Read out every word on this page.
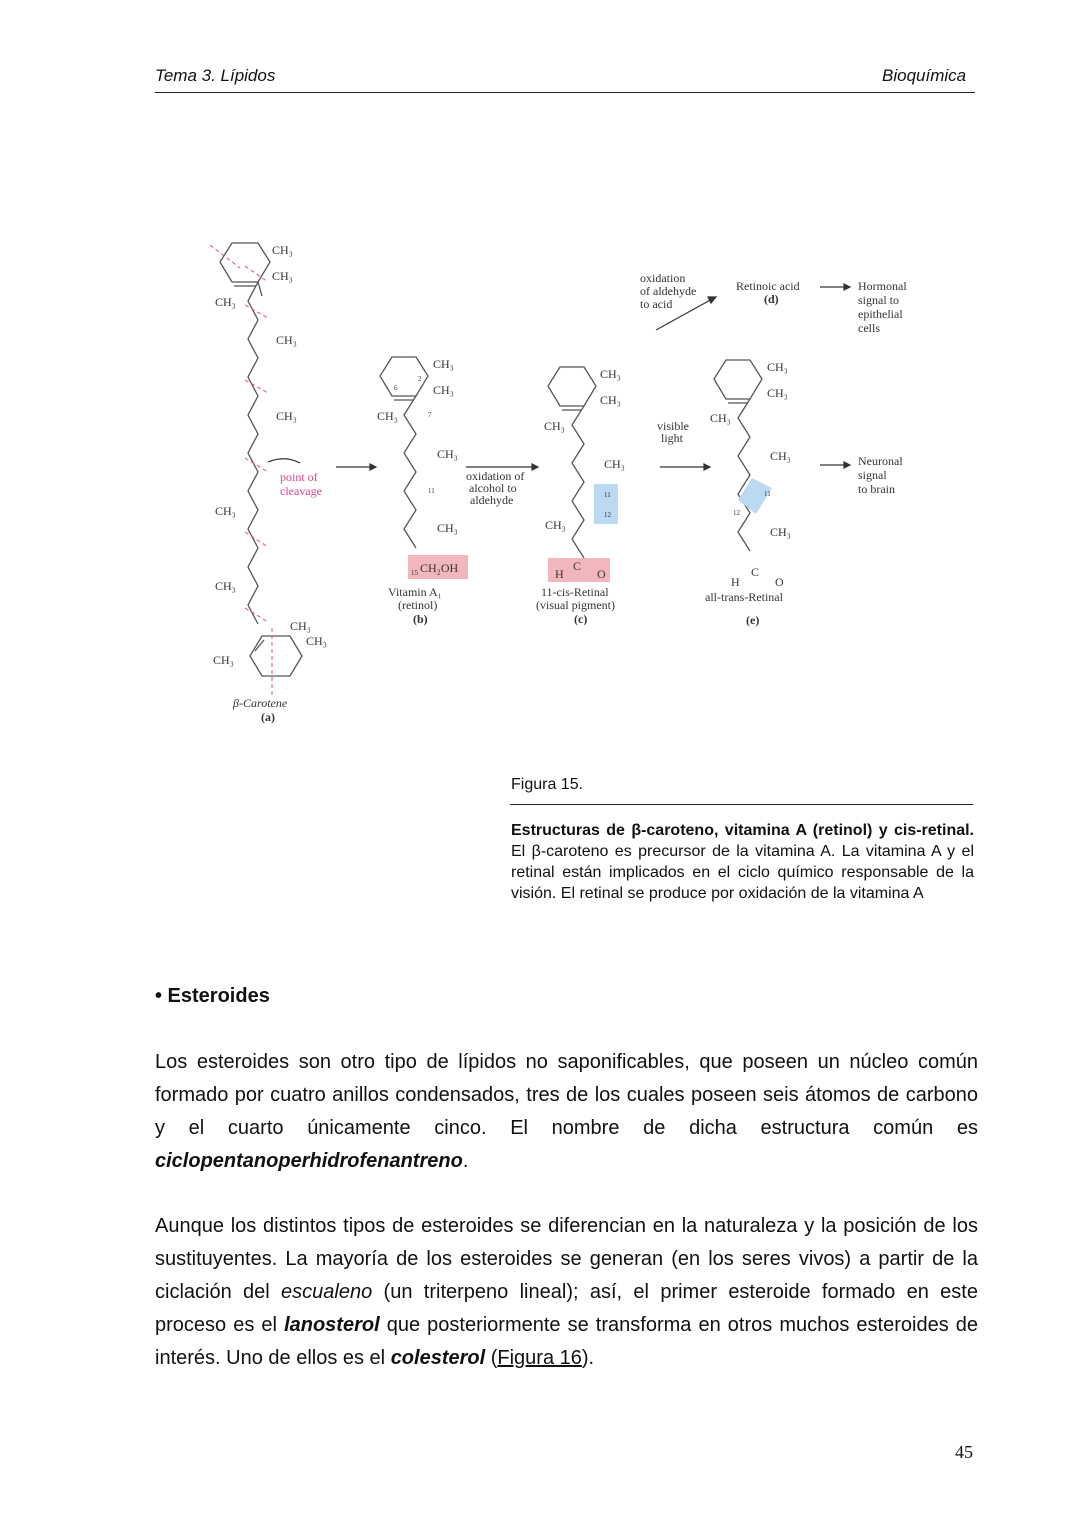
Tema 3. Lípidos	Bioquímica
CH₃
CH₃
CH₃
CH₃
CH₃
CH₃
CH₃
CH₃
CH₃
CH₃
point of
cleavage
β-Carotene
(a)
CH₃
CH₃
CH₃
CH₃
CH₃
2
6
7
11
15 CH₂OH
Vitamin A₁
(retinol)
(b)
oxidation of
alcohol to
aldehyde
CH₃
CH₃
CH₃
CH₃
CH₃
11
12
H
C
O
11-cis-Retinal
(visual pigment)
(c)
visible
light
oxidation
of aldehyde
to acid
Retinoic acid
(d)
Hormonal
signal to
epithelial
cells
CH₃
CH₃
CH₃
CH₃
CH₃
11
12
H
C
O
all-trans-Retinal
(e)
Neuronal
signal
to brain
Figura 15.
Estructuras de β-caroteno, vitamina A (retinol) y cis-retinal. El β-caroteno es precursor de la vitamina A. La vitamina A y el retinal están implicados en el ciclo químico responsable de la visión. El retinal se produce por oxidación de la vitamina A
• Esteroides
Los esteroides son otro tipo de lípidos no saponificables, que poseen un núcleo común formado por cuatro anillos condensados, tres de los cuales poseen seis átomos de carbono y el cuarto únicamente cinco. El nombre de dicha estructura común es ciclopentanoperhidrofenantreno.
Aunque los distintos tipos de esteroides se diferencian en la naturaleza y la posición de los sustituyentes. La mayoría de los esteroides se generan (en los seres vivos) a partir de la ciclación del escualeno (un triterpeno lineal); así, el primer esteroide formado en este proceso es el lanosterol que posteriormente se transforma en otros muchos esteroides de interés. Uno de ellos es el colesterol (Figura 16).
45
